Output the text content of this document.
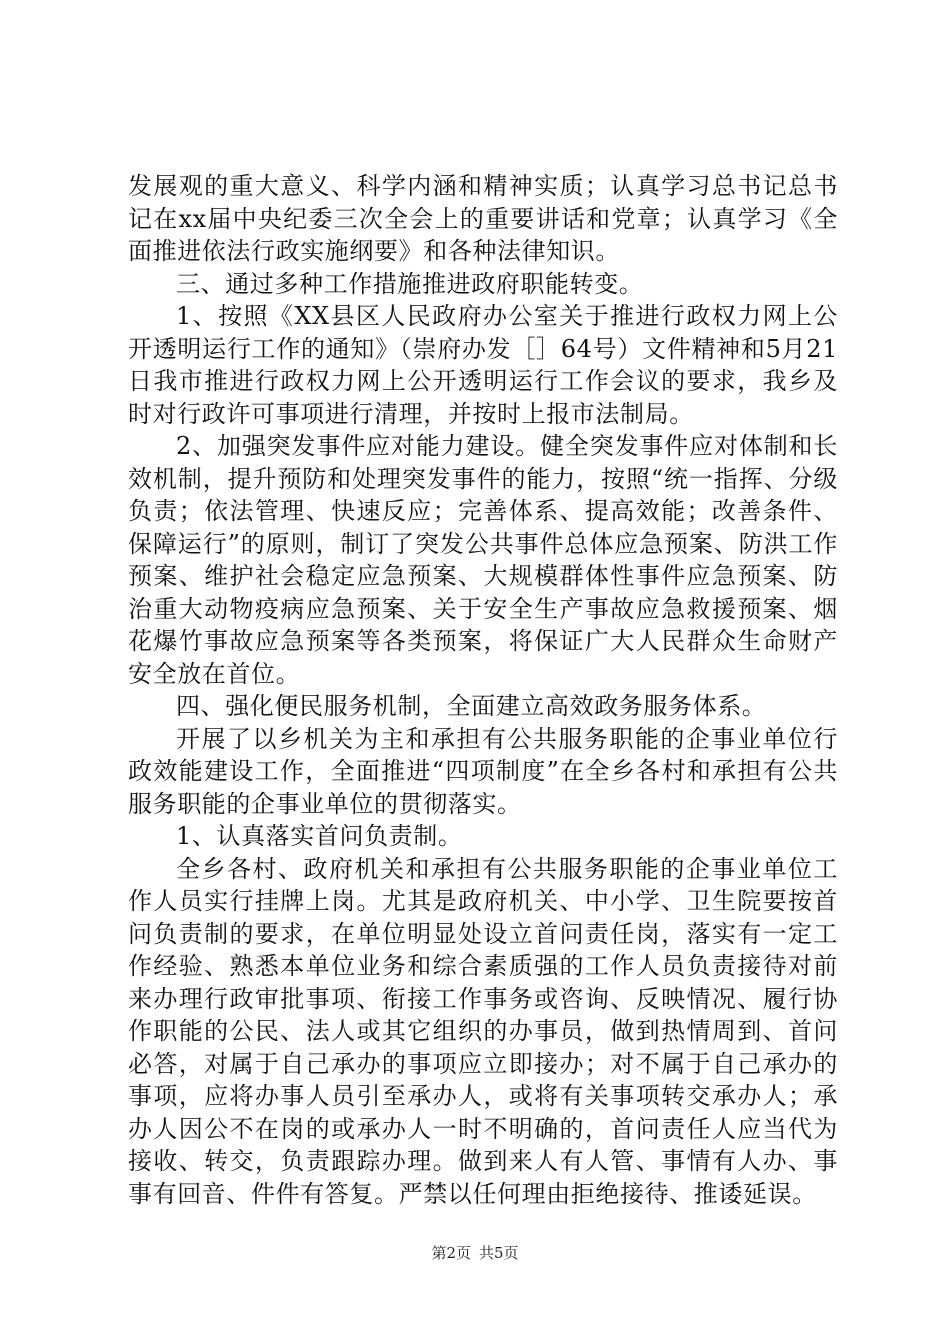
发展观的重大意义、科学内涵和精神实质；认真学习总书记总书记在xx届中央纪委三次全会上的重要讲话和党章；认真学习《全面推进依法行政实施纲要》和各种法律知识。

三、通过多种工作措施推进政府职能转变。

1、按照《XX县区人民政府办公室关于推进行政权力网上公开透明运行工作的通知》（崇府办发［］64号）文件精神和5月21日我市推进行政权力网上公开透明运行工作会议的要求，我乡及时对行政许可事项进行清理，并按时上报市法制局。

2、加强突发事件应对能力建设。健全突发事件应对体制和长效机制，提升预防和处理突发事件的能力，按照“统一指挥、分级负责；依法管理、快速反应；完善体系、提高效能；改善条件、保障运行”的原则，制订了突发公共事件总体应急预案、防洪工作预案、维护社会稳定应急预案、大规模群体性事件应急预案、防治重大动物疫病应急预案、关于安全生产事故应急救援预案、烟花爆竹事故应急预案等各类预案，将保证广大人民群众生命财产安全放在首位。

四、强化便民服务机制，全面建立高效政务服务体系。

开展了以乡机关为主和承担有公共服务职能的企事业单位行政效能建设工作，全面推进“四项制度”在全乡各村和承担有公共服务职能的企事业单位的贯彻落实。

1、认真落实首问负责制。

全乡各村、政府机关和承担有公共服务职能的企事业单位工作人员实行挂牌上岗。尤其是政府机关、中小学、卫生院要按首问负责制的要求，在单位明显处设立首问责任岗，落实有一定工作经验、熟悉本单位业务和综合素质强的工作人员负责接待对前来办理行政审批事项、衔接工作事务或咨询、反映情况、履行协作职能的公民、法人或其它组织的办事员，做到热情周到、首问必答，对属于自己承办的事项应立即接办；对不属于自己承办的事项，应将办事人员引至承办人，或将有关事项转交承办人；承办人因公不在岗的或承办人一时不明确的，首问责任人应当代为接收、转交，负责跟踪办理。做到来人有人管、事情有人办、事事有回音、件件有答复。严禁以任何理由拒绝接待、推诿延误。

第2页 共5页
